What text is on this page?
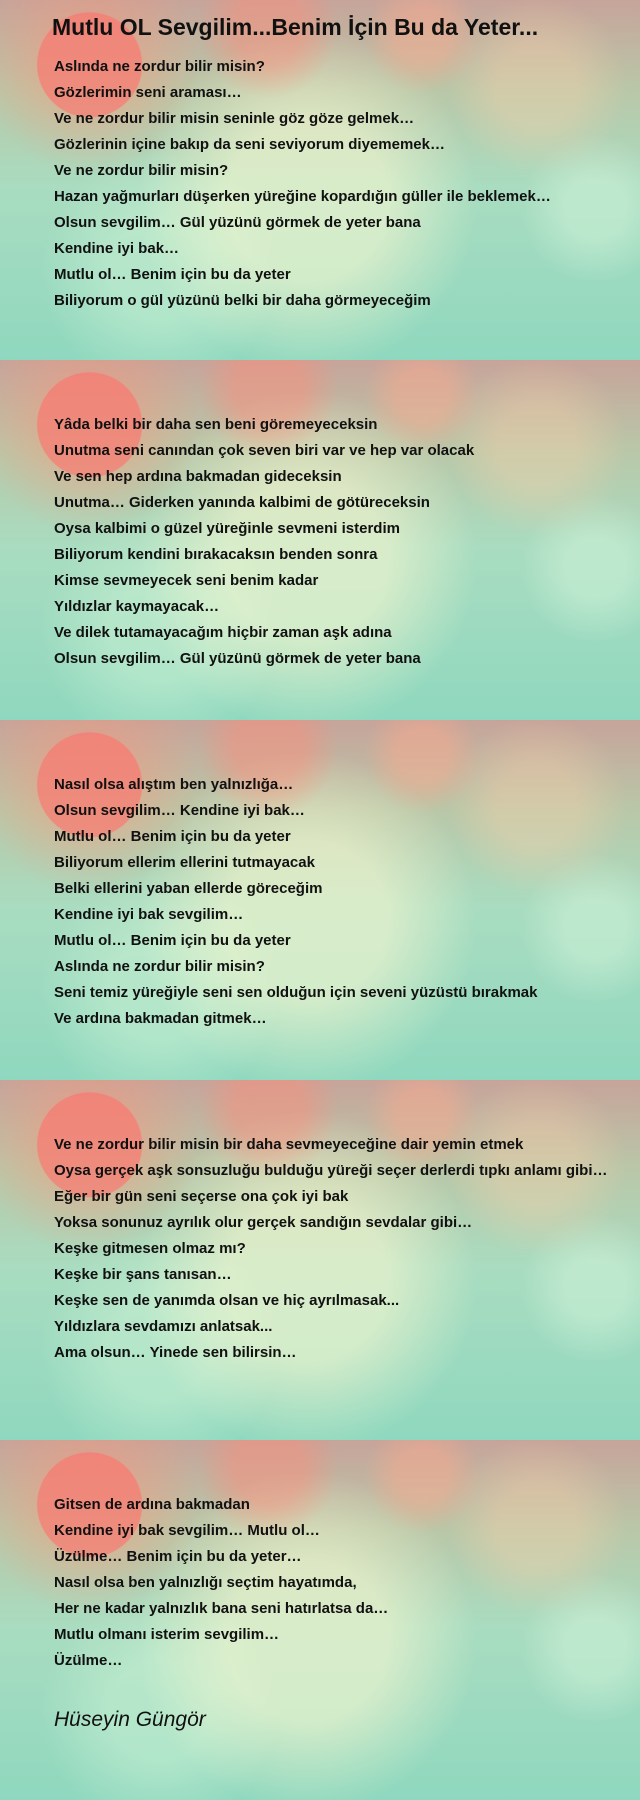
Mutlu OL Sevgilim...Benim İçin Bu da Yeter...
Aslında ne zordur bilir misin?
Gözlerimin seni araması…
Ve ne zordur bilir misin seninle göz göze gelmek…
Gözlerinin içine bakıp da seni seviyorum diyememek…
Ve ne zordur bilir misin?
Hazan yağmurları düşerken yüreğine kopardığın güller ile beklemek…
Olsun sevgilim… Gül yüzünü görmek de yeter bana
Kendine iyi bak…
Mutlu ol… Benim için bu da yeter
Biliyorum o gül yüzünü belki bir daha görmeyeceğim
Yâda belki bir daha sen beni göremeyeceksin
Unutma seni canından çok seven biri var ve hep var olacak
Ve sen hep ardına bakmadan gideceksin
Unutma… Giderken yanında kalbimi de götüreceksin
Oysa kalbimi o güzel yüreğinle sevmeni isterdim
Biliyorum kendini bırakacaksın benden sonra
Kimse sevmeyecek seni benim kadar
Yıldızlar kaymayacak…
Ve dilek tutamayacağım hiçbir zaman aşk adına
Olsun sevgilim… Gül yüzünü görmek de yeter bana
Nasıl olsa alıştım ben yalnızlığa…
Olsun sevgilim… Kendine iyi bak…
Mutlu ol… Benim için bu da yeter
Biliyorum ellerim ellerini tutmayacak
Belki ellerini yaban ellerde göreceğim
Kendine iyi bak sevgilim…
Mutlu ol… Benim için bu da yeter
Aslında ne zordur bilir misin?
Seni temiz yüreğiyle seni sen olduğun için seveni yüzüstü bırakmak
Ve ardına bakmadan gitmek…
Ve ne zordur bilir misin bir daha sevmeyeceğine dair yemin etmek
Oysa gerçek aşk sonsuzluğu bulduğu yüreği seçer derlerdi tıpkı anlamı gibi…
Eğer bir gün seni seçerse ona çok iyi bak
Yoksa sonunuz ayrılık olur gerçek sandığın sevdalar gibi…
Keşke gitmesen olmaz mı?
Keşke bir şans tanısan…
Keşke sen de yanımda olsan ve hiç ayrılmasak...
Yıldızlara sevdamızı anlatsak...
Ama olsun… Yinede sen bilirsin…
Gitsen de ardına bakmadan
Kendine iyi bak sevgilim… Mutlu ol…
Üzülme… Benim için bu da yeter…
Nasıl olsa ben yalnızlığı seçtim hayatımda,
Her ne kadar yalnızlık bana seni hatırlatsa da…
Mutlu olmanı isterim sevgilim…
Üzülme…
Hüseyin Güngör
